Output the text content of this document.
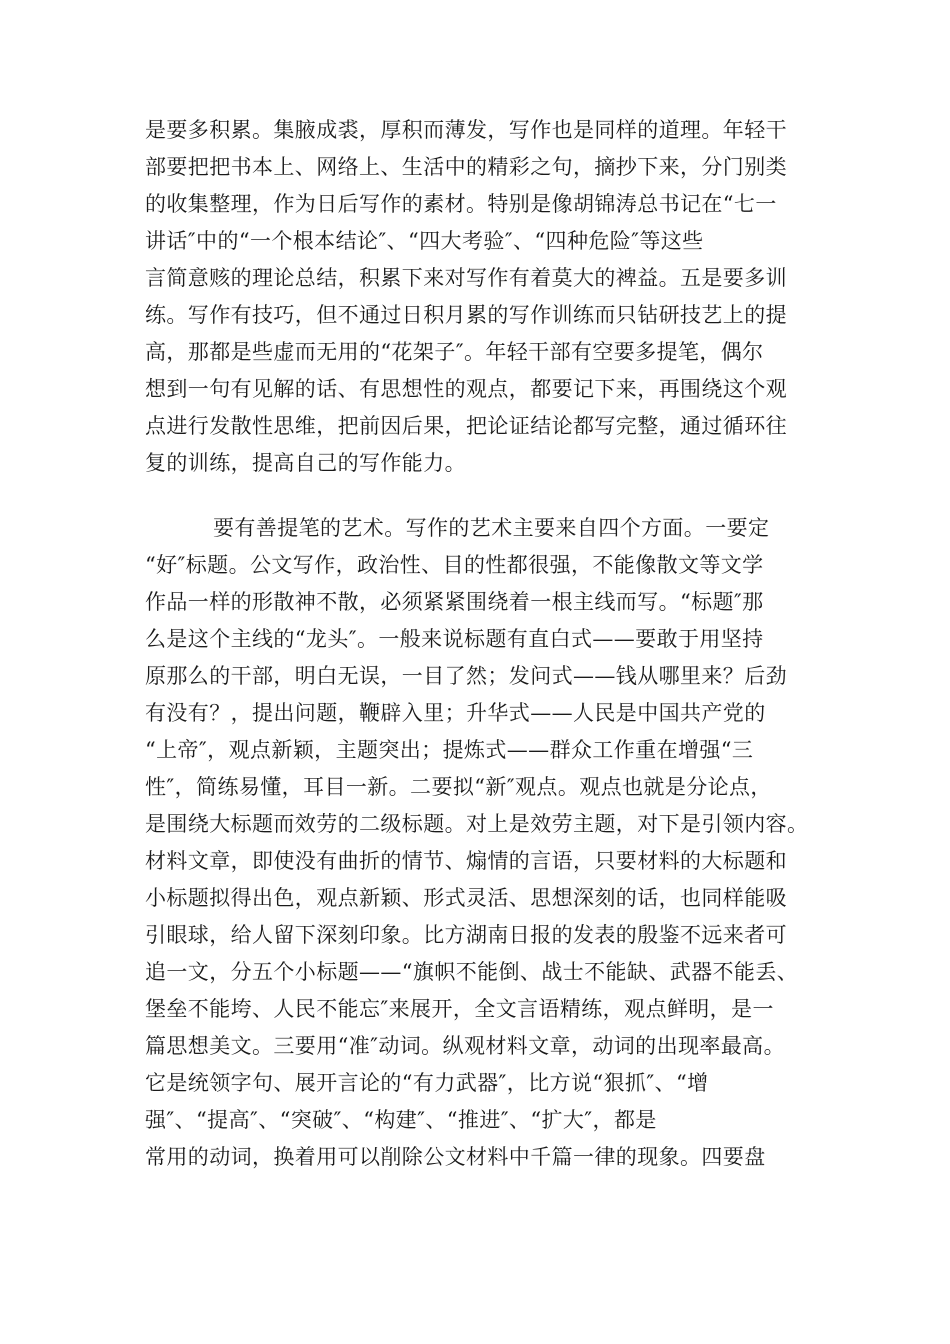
是要多积累。集腋成裘，厚积而薄发，写作也是同样的道理。年轻干
部要把把书本上、网络上、生活中的精彩之句，摘抄下来，分门别类
的收集整理，作为日后写作的素材。特别是像胡锦涛总书记在“七一
讲话″中的“一个根本结论″、“四大考验″、“四种危险″等这些
言简意赅的理论总结，积累下来对写作有着莫大的裨益。五是要多训
练。写作有技巧，但不通过日积月累的写作训练而只钻研技艺上的提
高，那都是些虚而无用的“花架子″。年轻干部有空要多提笔，偶尔
想到一句有见解的话、有思想性的观点，都要记下来，再围绕这个观
点进行发散性思维，把前因后果，把论证结论都写完整，通过循环往
复的训练，提高自己的写作能力。
要有善提笔的艺术。写作的艺术主要来自四个方面。一要定
“好″标题。公文写作，政治性、目的性都很强，不能像散文等文学
作品一样的形散神不散，必须紧紧围绕着一根主线而写。“标题″那
么是这个主线的“龙头″。一般来说标题有直白式——要敢于用坚持
原那么的干部，明白无误，一目了然；发问式——钱从哪里来？后劲
有没有？，提出问题，鞭辟入里；升华式——人民是中国共产党的
“上帝″，观点新颖，主题突出；提炼式——群众工作重在增强“三
性″，简练易懂，耳目一新。二要拟“新″观点。观点也就是分论点，
是围绕大标题而效劳的二级标题。对上是效劳主题，对下是引领内容。
材料文章，即使没有曲折的情节、煽情的言语，只要材料的大标题和
小标题拟得出色，观点新颖、形式灵活、思想深刻的话，也同样能吸
引眼球，给人留下深刻印象。比方湖南日报的发表的殷鉴不远来者可
追一文，分五个小标题——“旗帜不能倒、战士不能缺、武器不能丢、
堡垒不能垮、人民不能忘″来展开，全文言语精练，观点鲜明，是一
篇思想美文。三要用“准″动词。纵观材料文章，动词的出现率最高。
它是统领字句、展开言论的“有力武器″，比方说“狠抓″、“增
强″、“提高″、“突破″、“构建″、“推进″、“扩大″，都是
常用的动词，换着用可以削除公文材料中千篇一律的现象。四要盘
